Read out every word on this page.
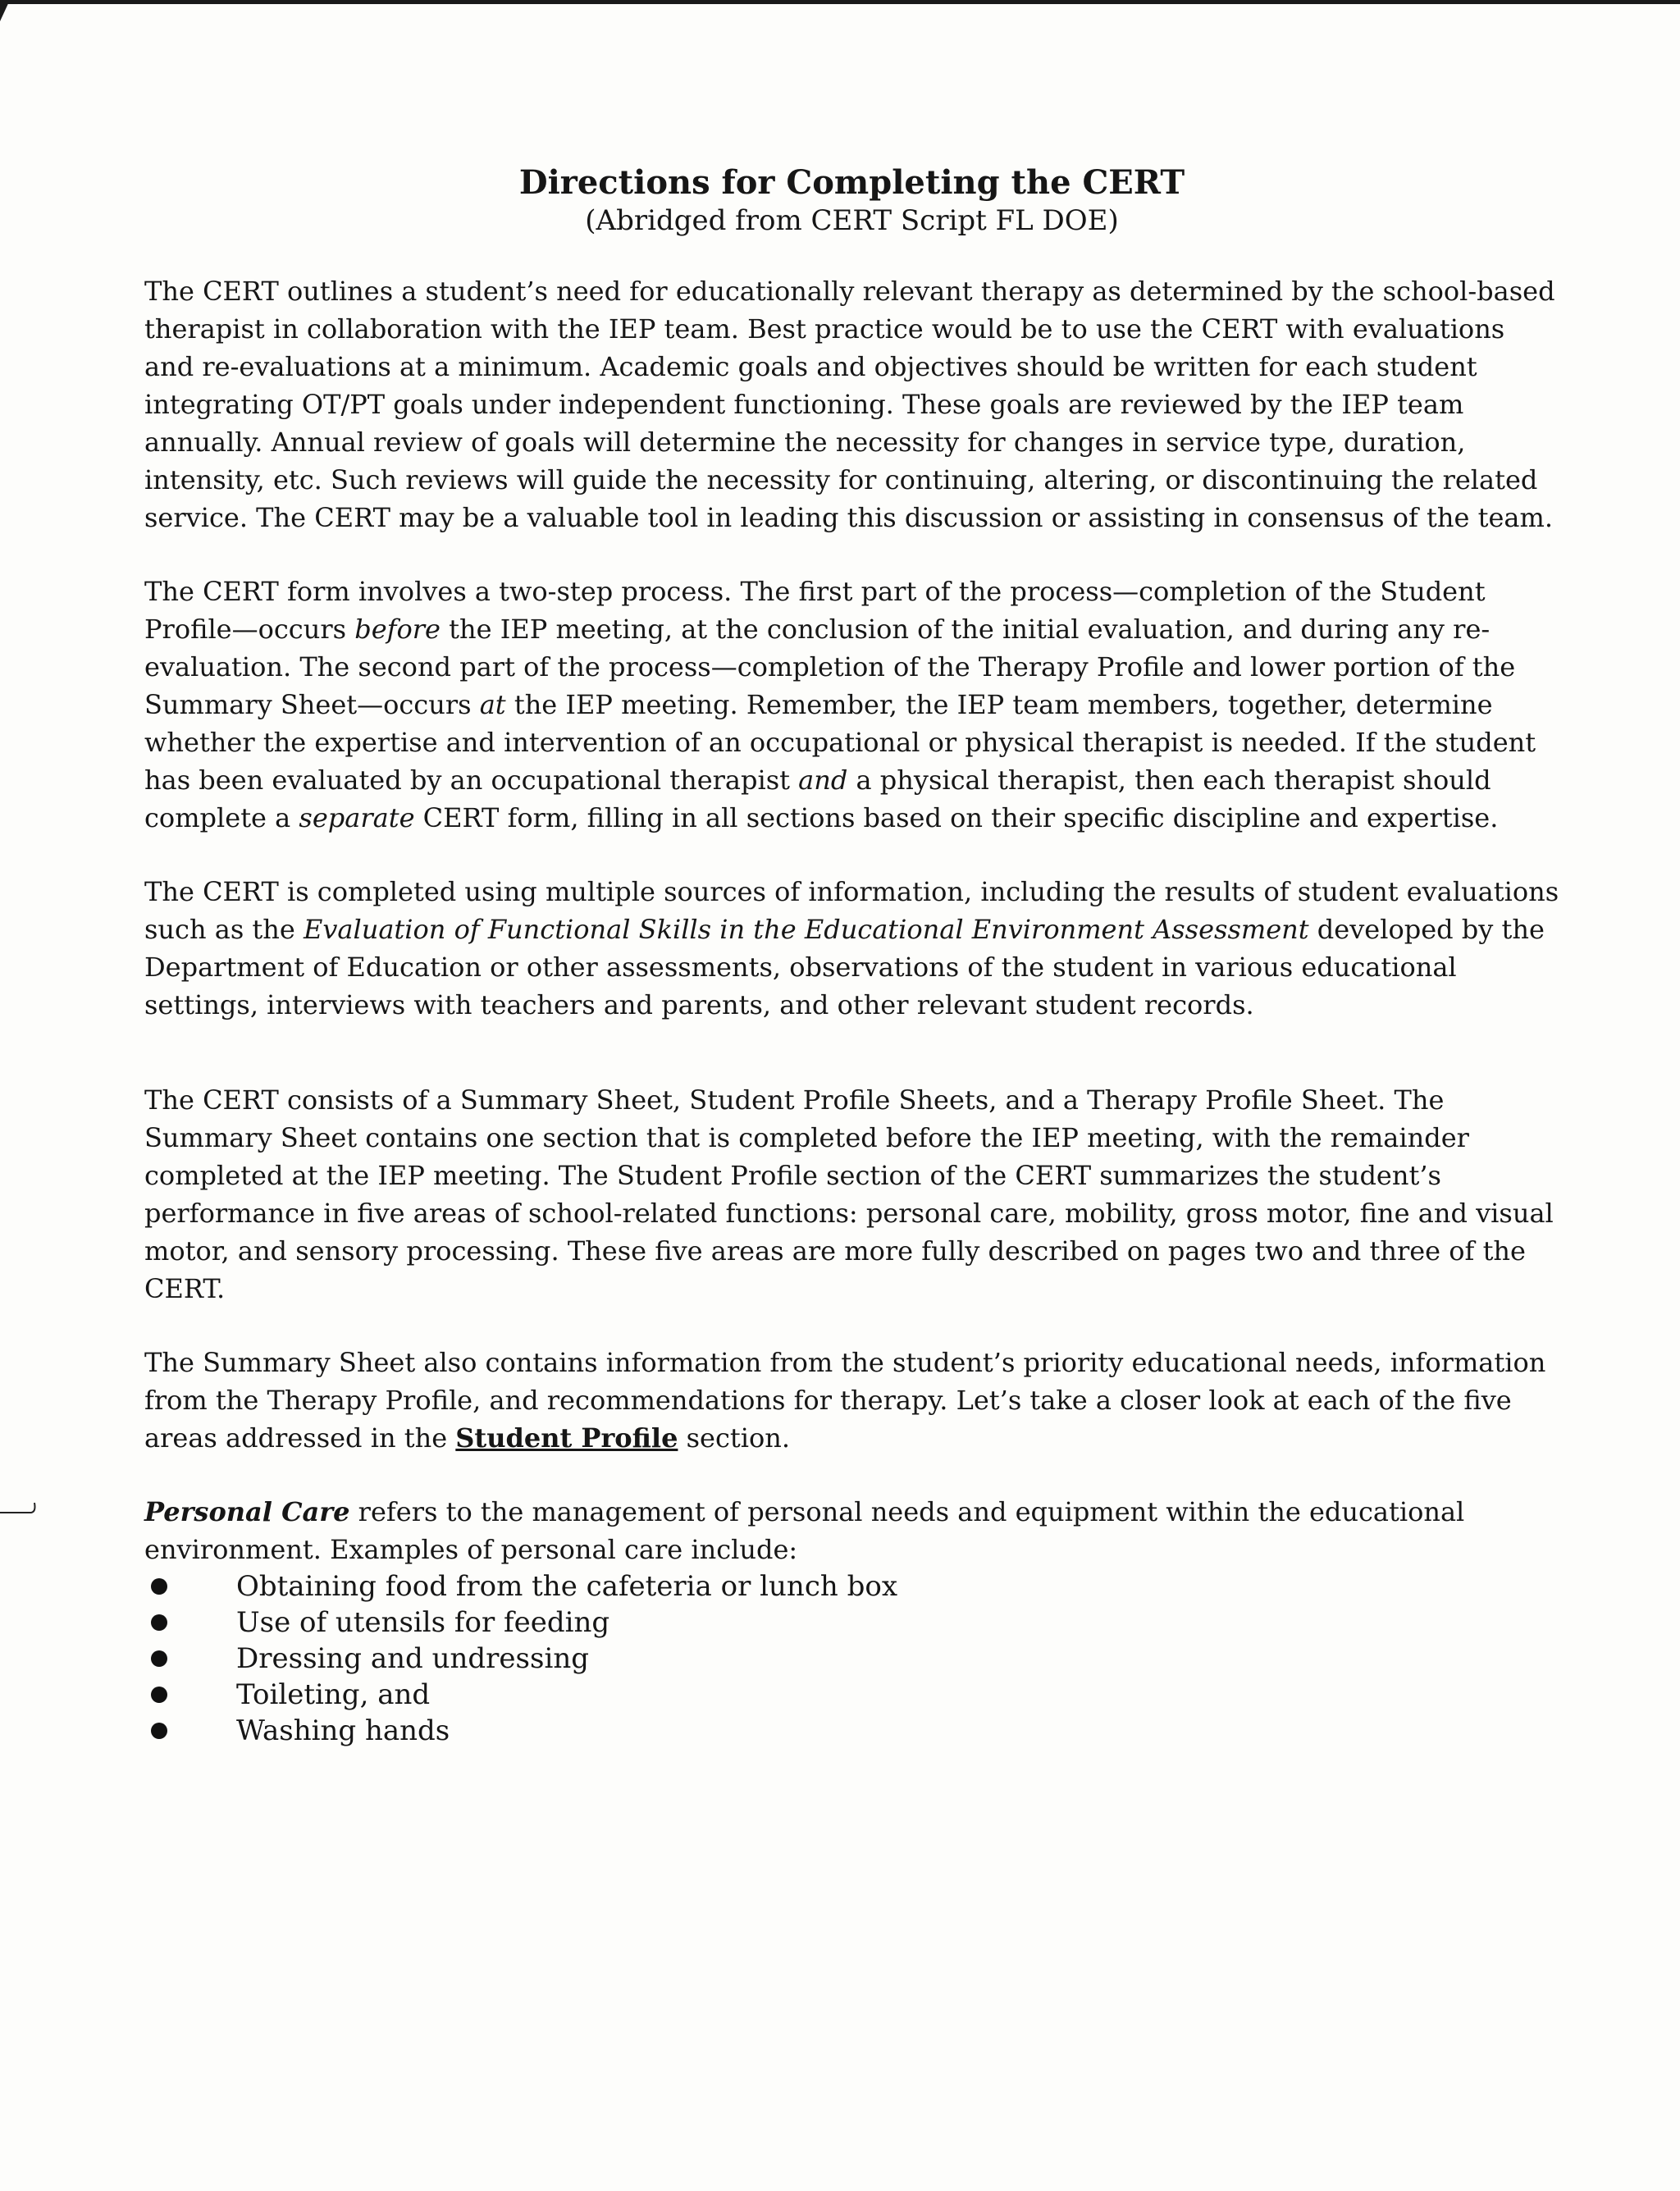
Directions for Completing the CERT

(Abridged from CERT Script FL DOE)

The CERT outlines a student’s need for educationally relevant therapy as determined by the school-based therapist in collaboration with the IEP team. Best practice would be to use the CERT with evaluations and re-evaluations at a minimum. Academic goals and objectives should be written for each student integrating OT/PT goals under independent functioning. These goals are reviewed by the IEP team annually. Annual review of goals will determine the necessity for changes in service type, duration, intensity, etc. Such reviews will guide the necessity for continuing, altering, or discontinuing the related service. The CERT may be a valuable tool in leading this discussion or assisting in consensus of the team.

The CERT form involves a two-step process. The first part of the process—completion of the Student Profile—occurs before the IEP meeting, at the conclusion of the initial evaluation, and during any re-evaluation. The second part of the process—completion of the Therapy Profile and lower portion of the Summary Sheet—occurs at the IEP meeting. Remember, the IEP team members, together, determine whether the expertise and intervention of an occupational or physical therapist is needed. If the student has been evaluated by an occupational therapist and a physical therapist, then each therapist should complete a separate CERT form, filling in all sections based on their specific discipline and expertise.

The CERT is completed using multiple sources of information, including the results of student evaluations such as the Evaluation of Functional Skills in the Educational Environment Assessment developed by the Department of Education or other assessments, observations of the student in various educational settings, interviews with teachers and parents, and other relevant student records.

The CERT consists of a Summary Sheet, Student Profile Sheets, and a Therapy Profile Sheet. The Summary Sheet contains one section that is completed before the IEP meeting, with the remainder completed at the IEP meeting. The Student Profile section of the CERT summarizes the student’s performance in five areas of school-related functions: personal care, mobility, gross motor, fine and visual motor, and sensory processing. These five areas are more fully described on pages two and three of the CERT.

The Summary Sheet also contains information from the student’s priority educational needs, information from the Therapy Profile, and recommendations for therapy. Let’s take a closer look at each of the five areas addressed in the Student Profile section.

Personal Care refers to the management of personal needs and equipment within the educational environment. Examples of personal care include:

Obtaining food from the cafeteria or lunch box
Use of utensils for feeding
Dressing and undressing
Toileting, and
Washing hands
